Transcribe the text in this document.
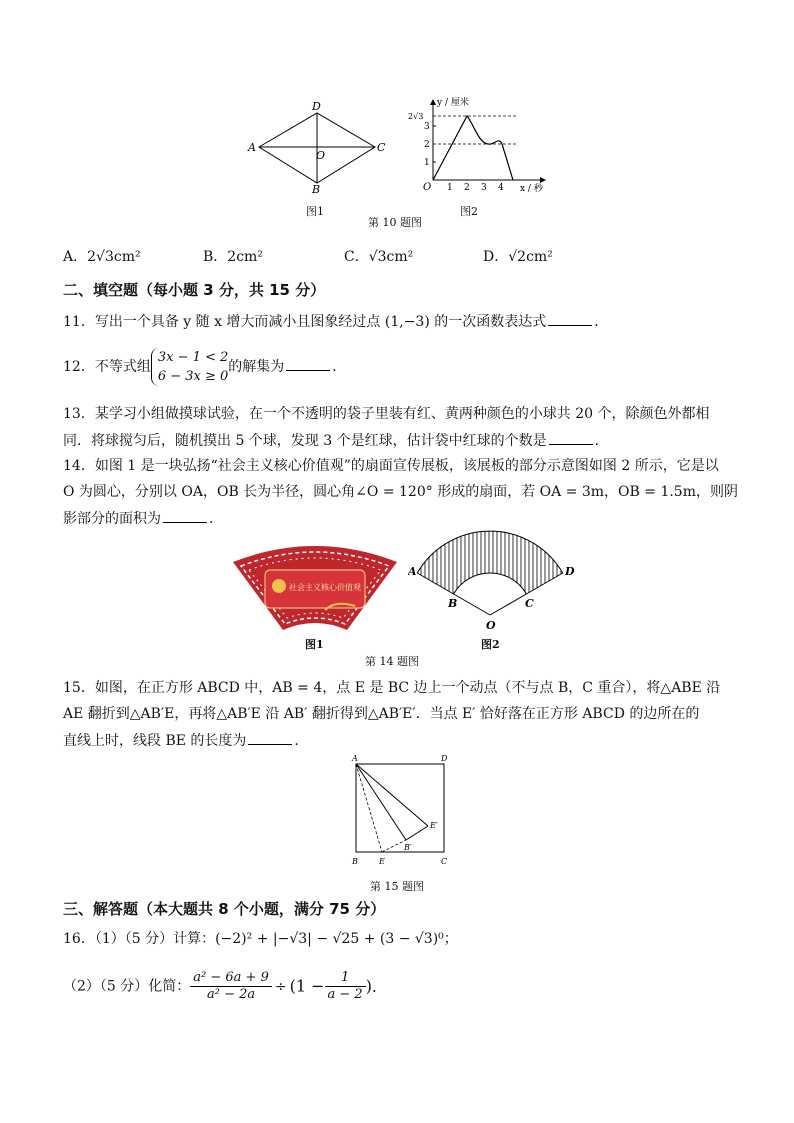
A
D
C
B
O
图1
y / 厘米
x / 秒
O
2√3
3
2
1
1 2 3 4
图2
第 10 题图
A．2√3cm²	B．2cm²	C．√3cm²	D．√2cm²
二、填空题（每小题 3 分，共 15 分）
11．写出一个具备 y 随 x 增大而减小且图象经过点 (1,−3) 的一次函数表达式	．
12．不等式组
3x − 1 < 2
6 − 3x ≥ 0
的解集为	．
13．某学习小组做摸球试验，在一个不透明的袋子里装有红、黄两种颜色的小球共 20 个，除颜色外都相
同．将球搅匀后，随机摸出 5 个球，发现 3 个是红球，估计袋中红球的个数是	．
14．如图 1 是一块弘扬“社会主义核心价值观”的扇面宣传展板，该展板的部分示意图如图 2 所示，它是以
O 为圆心，分别以 OA，OB 长为半径，圆心角∠O = 120° 形成的扇面，若 OA = 3m，OB = 1.5m，则阴
影部分的面积为	．
社会主义核心价值观
图1
A	D
B	C
O
图2
第 14 题图
15．如图，在正方形 ABCD 中，AB = 4，点 E 是 BC 边上一个动点（不与点 B，C 重合），将△ABE 沿
AE 翻折到△AB′E，再将△AB′E 沿 AB′ 翻折得到△AB′E′．当点 E′ 恰好落在正方形 ABCD 的边所在的
直线上时，线段 BE 的长度为	．
A	D
B	E	C
B′
E′
第 15 题图
三、解答题（本大题共 8 个小题，满分 75 分）
16．（1）（5 分）计算：(−2)² + |−√3| − √25 + (3 − √3)⁰；
（2）（5 分）化简： $\frac{\text{a² − 6a + 9}}{\text{a² − 2a}} \div (1 - \frac{1}{a - 2}$ )．
